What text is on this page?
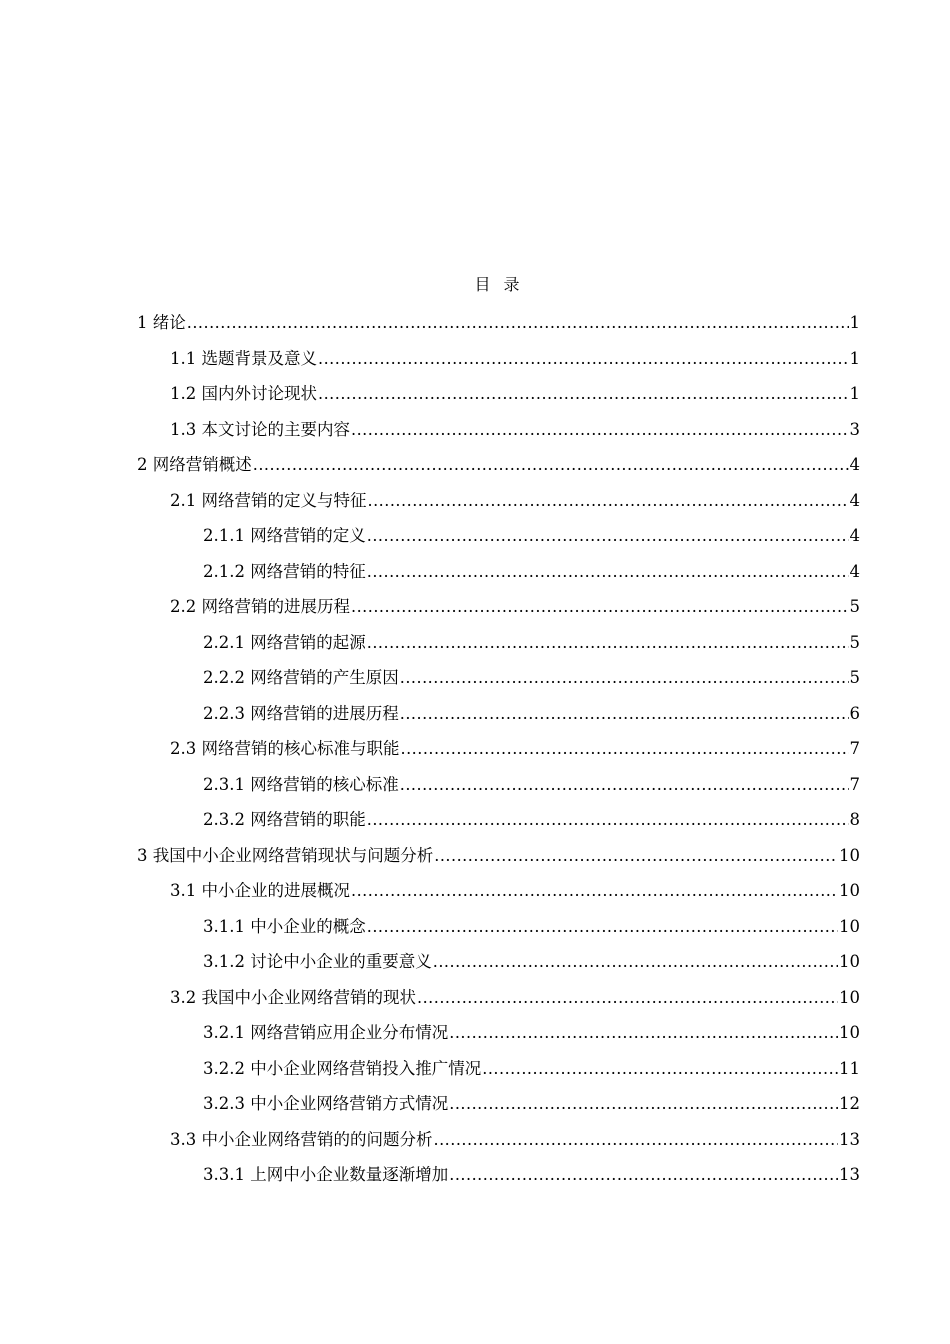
目 录
1 绪论 .....	1
1.1 选题背景及意义 .....	1
1.2 国内外讨论现状 .....	1
1.3 本文讨论的主要内容 .....	3
2 网络营销概述 .....	4
2.1 网络营销的定义与特征 .....	4
2.1.1 网络营销的定义 .....	4
2.1.2 网络营销的特征 .....	4
2.2 网络营销的进展历程 .....	5
2.2.1 网络营销的起源 .....	5
2.2.2 网络营销的产生原因 .....	5
2.2.3 网络营销的进展历程 .....	6
2.3 网络营销的核心标准与职能 .....	7
2.3.1 网络营销的核心标准 .....	7
2.3.2 网络营销的职能 .....	8
3 我国中小企业网络营销现状与问题分析 .....	10
3.1 中小企业的进展概况 .....	10
3.1.1 中小企业的概念 .....	10
3.1.2 讨论中小企业的重要意义 .....	10
3.2 我国中小企业网络营销的现状 .....	10
3.2.1 网络营销应用企业分布情况 .....	10
3.2.2 中小企业网络营销投入推广情况 .....	11
3.2.3 中小企业网络营销方式情况 .....	12
3.3 中小企业网络营销的的问题分析 .....	13
3.3.1 上网中小企业数量逐渐增加 .....	13
